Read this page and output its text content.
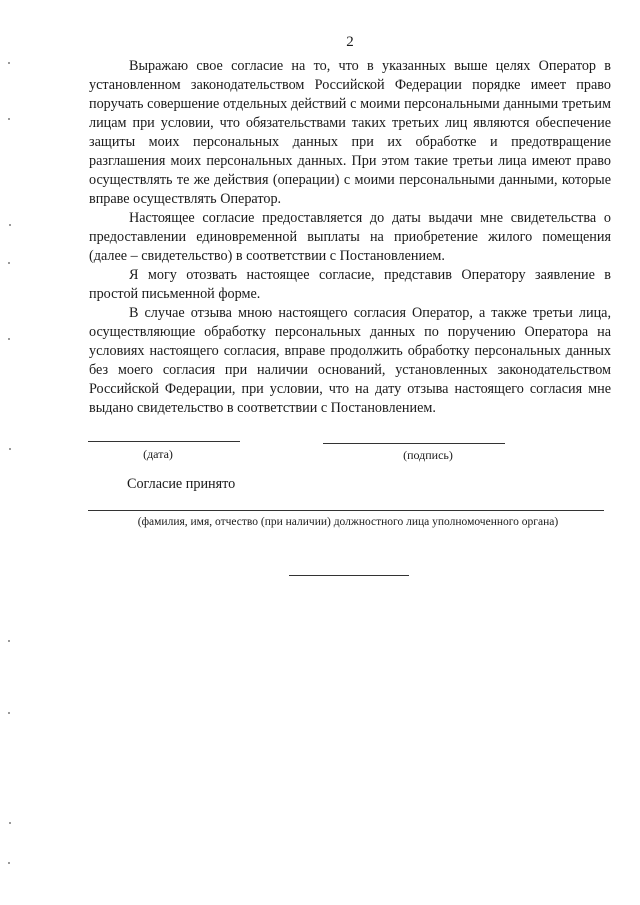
2

Выражаю свое согласие на то, что в указанных выше целях Оператор в установленном законодательством Российской Федерации порядке имеет право поручать совершение отдельных действий с моими персональными данными третьим лицам при условии, что обязательствами таких третьих лиц являются обеспечение защиты моих персональных данных при их обработке и предотвращение разглашения моих персональных данных. При этом такие третьи лица имеют право осуществлять те же действия (операции) с моими персональными данными, которые вправе осуществлять Оператор.

Настоящее согласие предоставляется до даты выдачи мне свидетельства о предоставлении единовременной выплаты на приобретение жилого помещения (далее – свидетельство) в соответствии с Постановлением.

Я могу отозвать настоящее согласие, представив Оператору заявление в простой письменной форме.

В случае отзыва мною настоящего согласия Оператор, а также третьи лица, осуществляющие обработку персональных данных по поручению Оператора на условиях настоящего согласия, вправе продолжить обработку персональных данных без моего согласия при наличии оснований, установленных законодательством Российской Федерации, при условии, что на дату отзыва настоящего согласия мне выдано свидетельство в соответствии с Постановлением.

(дата)	(подпись)
Согласие принято
(фамилия, имя, отчество (при наличии) должностного лица уполномоченного органа)
